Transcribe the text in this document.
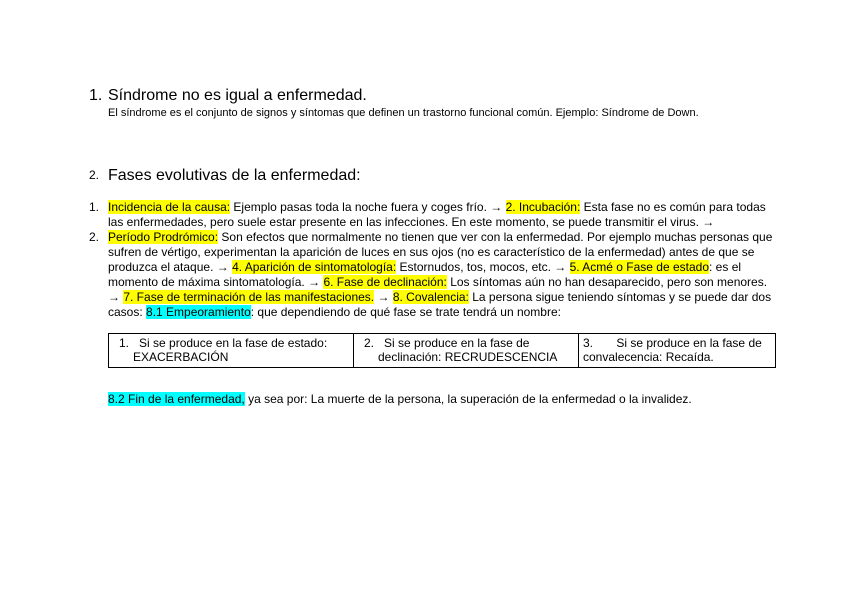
1. Síndrome no es igual a enfermedad.
El síndrome es el conjunto de signos y síntomas que definen un trastorno funcional común. Ejemplo: Síndrome de Down.
2. Fases evolutivas de la enfermedad:
1. Incidencia de la causa: Ejemplo pasas toda la noche fuera y coges frío. → 2. Incubación: Esta fase no es común para todas las enfermedades, pero suele estar presente en las infecciones. En este momento, se puede transmitir el virus. →
2. Período Prodrómico: Son efectos que normalmente no tienen que ver con la enfermedad. Por ejemplo muchas personas que sufren de vértigo, experimentan la aparición de luces en sus ojos (no es característico de la enfermedad) antes de que se produzca el ataque. → 4. Aparición de sintomatología: Estornudos, tos, mocos, etc. → 5. Acmé o Fase de estado: es el momento de máxima sintomatología. → 6. Fase de declinación: Los síntomas aún no han desaparecido, pero son menores. → 7. Fase de terminación de las manifestaciones. → 8. Covalencia: La persona sigue teniendo síntomas y se puede dar dos casos: 8.1 Empeoramiento: que dependiendo de qué fase se trate tendrá un nombre:
1. Si se produce en la fase de estado: EXACERBACIÓN	2. Si se produce en la fase de declinación: RECRUDESCENCIA	3. Si se produce en la fase de convalecencia: Recaída.
8.2 Fin de la enfermedad, ya sea por: La muerte de la persona, la superación de la enfermedad o la invalidez.
